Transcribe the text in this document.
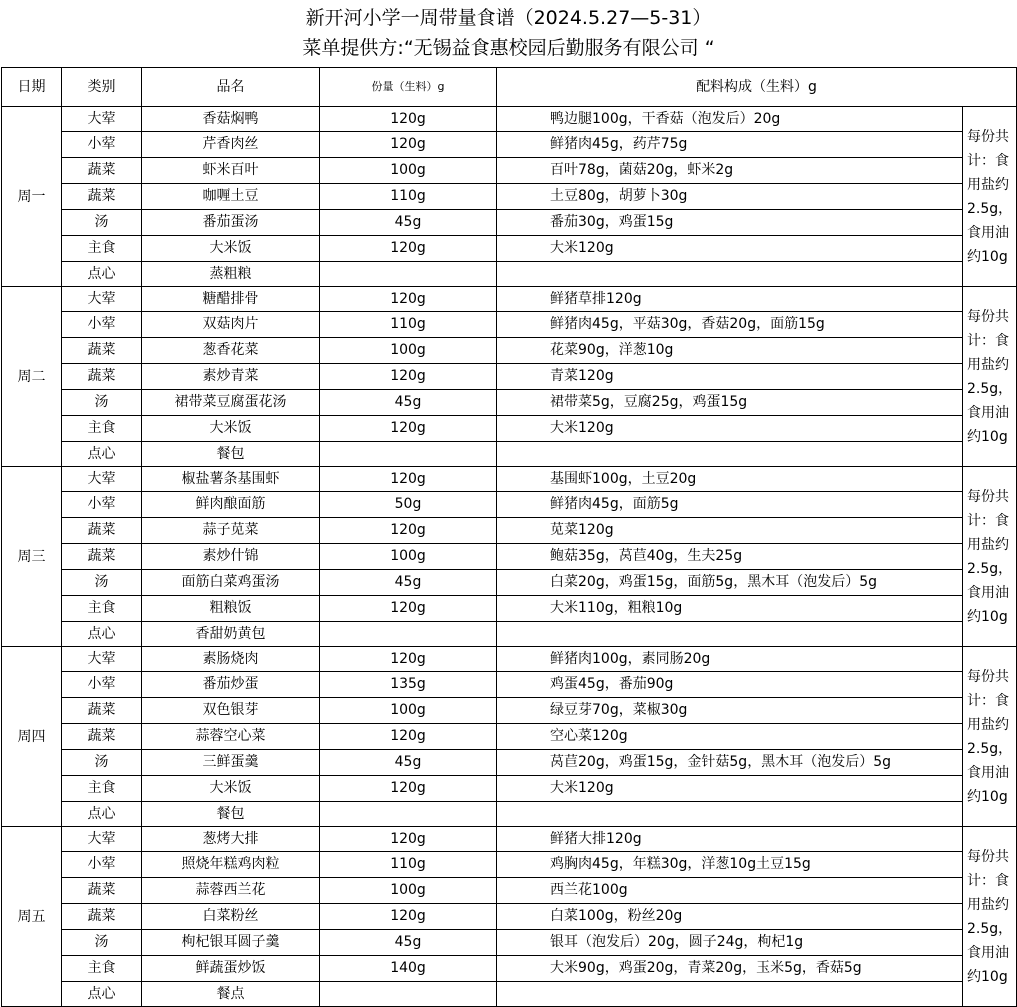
新开河小学一周带量食谱（2024.5.27—5-31）
菜单提供方:“无锡益食惠校园后勤服务有限公司 “
日期	类别	品名	份量（生料）g	配料构成（生料）g	
周一	大荤	香菇焖鸭	120g	鸭边腿100g，干香菇（泡发后）20g	每份共计：食用盐约2.5g，食用油约10g
	小荤	芹香肉丝	120g	鲜猪肉45g，药芹75g	
	蔬菜	虾米百叶	100g	百叶78g，菌菇20g，虾米2g	
	蔬菜	咖喱土豆	110g	土豆80g，胡萝卜30g	
	汤	番茄蛋汤	45g	番茄30g，鸡蛋15g	
	主食	大米饭	120g	大米120g	
	点心	蒸粗粮			
周二	大荤	糖醋排骨	120g	鲜猪草排120g	每份共计：食用盐约2.5g，食用油约10g
	小荤	双菇肉片	110g	鲜猪肉45g，平菇30g，香菇20g，面筋15g	
	蔬菜	葱香花菜	100g	花菜90g，洋葱10g	
	蔬菜	素炒青菜	120g	青菜120g	
	汤	裙带菜豆腐蛋花汤	45g	裙带菜5g，豆腐25g，鸡蛋15g	
	主食	大米饭	120g	大米120g	
	点心	餐包			
周三	大荤	椒盐薯条基围虾	120g	基围虾100g，土豆20g	每份共计：食用盐约2.5g，食用油约10g
	小荤	鲜肉酿面筋	50g	鲜猪肉45g，面筋5g	
	蔬菜	蒜子苋菜	120g	苋菜120g	
	蔬菜	素炒什锦	100g	鲍菇35g，莴苣40g，生夫25g	
	汤	面筋白菜鸡蛋汤	45g	白菜20g，鸡蛋15g，面筋5g，黑木耳（泡发后）5g	
	主食	粗粮饭	120g	大米110g，粗粮10g	
	点心	香甜奶黄包			
周四	大荤	素肠烧肉	120g	鲜猪肉100g，素同肠20g	每份共计：食用盐约2.5g，食用油约10g
	小荤	番茄炒蛋	135g	鸡蛋45g，番茄90g	
	蔬菜	双色银芽	100g	绿豆芽70g，菜椒30g	
	蔬菜	蒜蓉空心菜	120g	空心菜120g	
	汤	三鲜蛋羹	45g	莴苣20g，鸡蛋15g，金针菇5g，黑木耳（泡发后）5g	
	主食	大米饭	120g	大米120g	
	点心	餐包			
周五	大荤	葱烤大排	120g	鲜猪大排120g	每份共计：食用盐约2.5g，食用油约10g
	小荤	照烧年糕鸡肉粒	110g	鸡胸肉45g，年糕30g，洋葱10g土豆15g	
	蔬菜	蒜蓉西兰花	100g	西兰花100g	
	蔬菜	白菜粉丝	120g	白菜100g，粉丝20g	
	汤	枸杞银耳圆子羹	45g	银耳（泡发后）20g，圆子24g，枸杞1g	
	主食	鲜蔬蛋炒饭	140g	大米90g，鸡蛋20g，青菜20g，玉米5g，香菇5g	
	点心	餐点			
